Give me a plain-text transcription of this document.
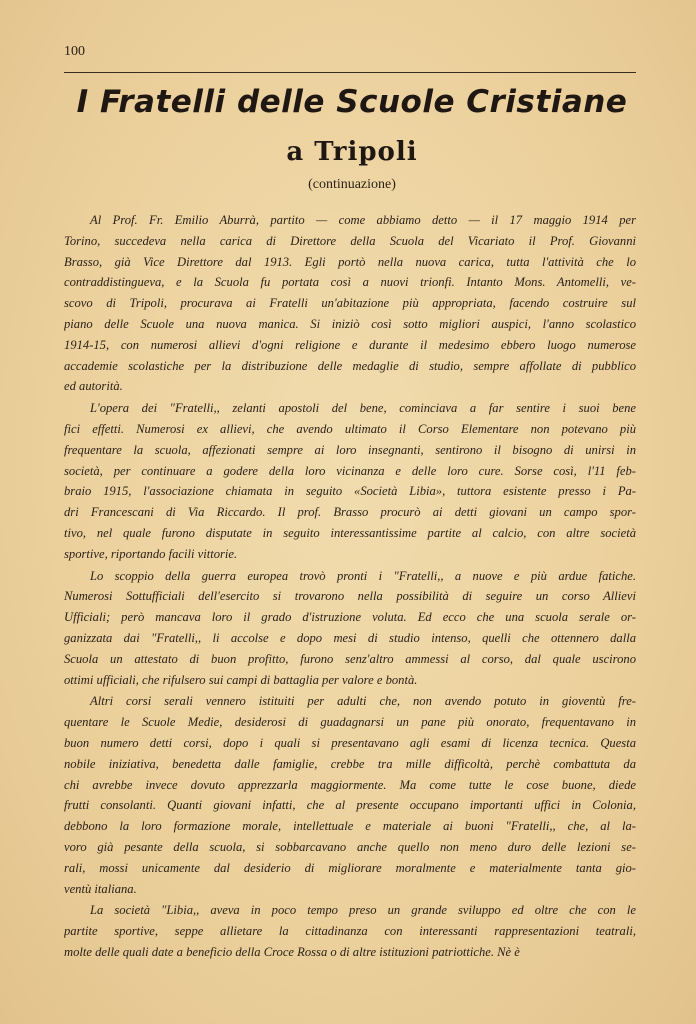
100
I Fratelli delle Scuole Cristiane
a Tripoli
(continuazione)

Al Prof. Fr. Emilio Aburrà, partito — come abbiamo detto — il 17 maggio 1914 per
Torino, succedeva nella carica di Direttore della Scuola del Vicariato il Prof. Giovanni
Brasso, già Vice Direttore dal 1913. Egli portò nella nuova carica, tutta l'attività che lo
contraddistingueva, e la Scuola fu portata così a nuovi trionfi. Intanto Mons. Antomelli, ve-
scovo di Tripoli, procurava ai Fratelli un'abitazione più appropriata, facendo costruire sul
piano delle Scuole una nuova manica. Si iniziò così sotto migliori auspici, l'anno scolastico
1914-15, con numerosi allievi d'ogni religione e durante il medesimo ebbero luogo numerose
accademie scolastiche per la distribuzione delle medaglie di studio, sempre affollate di pubblico
ed autorità.

L'opera dei "Fratelli,, zelanti apostoli del bene, cominciava a far sentire i suoi bene
fici effetti. Numerosi ex allievi, che avendo ultimato il Corso Elementare non potevano più
frequentare la scuola, affezionati sempre ai loro insegnanti, sentirono il bisogno di unirsi in
società, per continuare a godere della loro vicinanza e delle loro cure. Sorse così, l'11 feb-
braio 1915, l'associazione chiamata in seguito «Società Libia», tuttora esistente presso i Pa-
dri Francescani di Via Riccardo. Il prof. Brasso procurò ai detti giovani un campo spor-
tivo, nel quale furono disputate in seguito interessantissime partite al calcio, con altre società
sportive, riportando facili vittorie.

Lo scoppio della guerra europea trovò pronti i "Fratelli,, a nuove e più ardue fatiche.
Numerosi Sottufficiali dell'esercito si trovarono nella possibilità di seguire un corso Allievi
Ufficiali; però mancava loro il grado d'istruzione voluta. Ed ecco che una scuola serale or-
ganizzata dai "Fratelli,, li accolse e dopo mesi di studio intenso, quelli che ottennero dalla
Scuola un attestato di buon profitto, furono senz'altro ammessi al corso, dal quale uscirono
ottimi ufficiali, che rifulsero sui campi di battaglia per valore e bontà.

Altri corsi serali vennero istituiti per adulti che, non avendo potuto in gioventù fre-
quentare le Scuole Medie, desiderosi di guadagnarsi un pane più onorato, frequentavano in
buon numero detti corsi, dopo i quali si presentavano agli esami di licenza tecnica. Questa
nobile iniziativa, benedetta dalle famiglie, crebbe tra mille difficoltà, perchè combattuta da
chi avrebbe invece dovuto apprezzarla maggiormente. Ma come tutte le cose buone, diede
frutti consolanti. Quanti giovani infatti, che al presente occupano importanti uffici in Colonia,
debbono la loro formazione morale, intellettuale e materiale ai buoni "Fratelli,, che, al la-
voro già pesante della scuola, si sobbarcavano anche quello non meno duro delle lezioni se-
rali, mossi unicamente dal desiderio di migliorare moralmente e materialmente tanta gio-
ventù italiana.

La società "Libia,, aveva in poco tempo preso un grande sviluppo ed oltre che con le
partite sportive, seppe allietare la cittadinanza con interessanti rappresentazioni teatrali,
molte delle quali date a beneficio della Croce Rossa o di altre istituzioni patriottiche. Nè è
